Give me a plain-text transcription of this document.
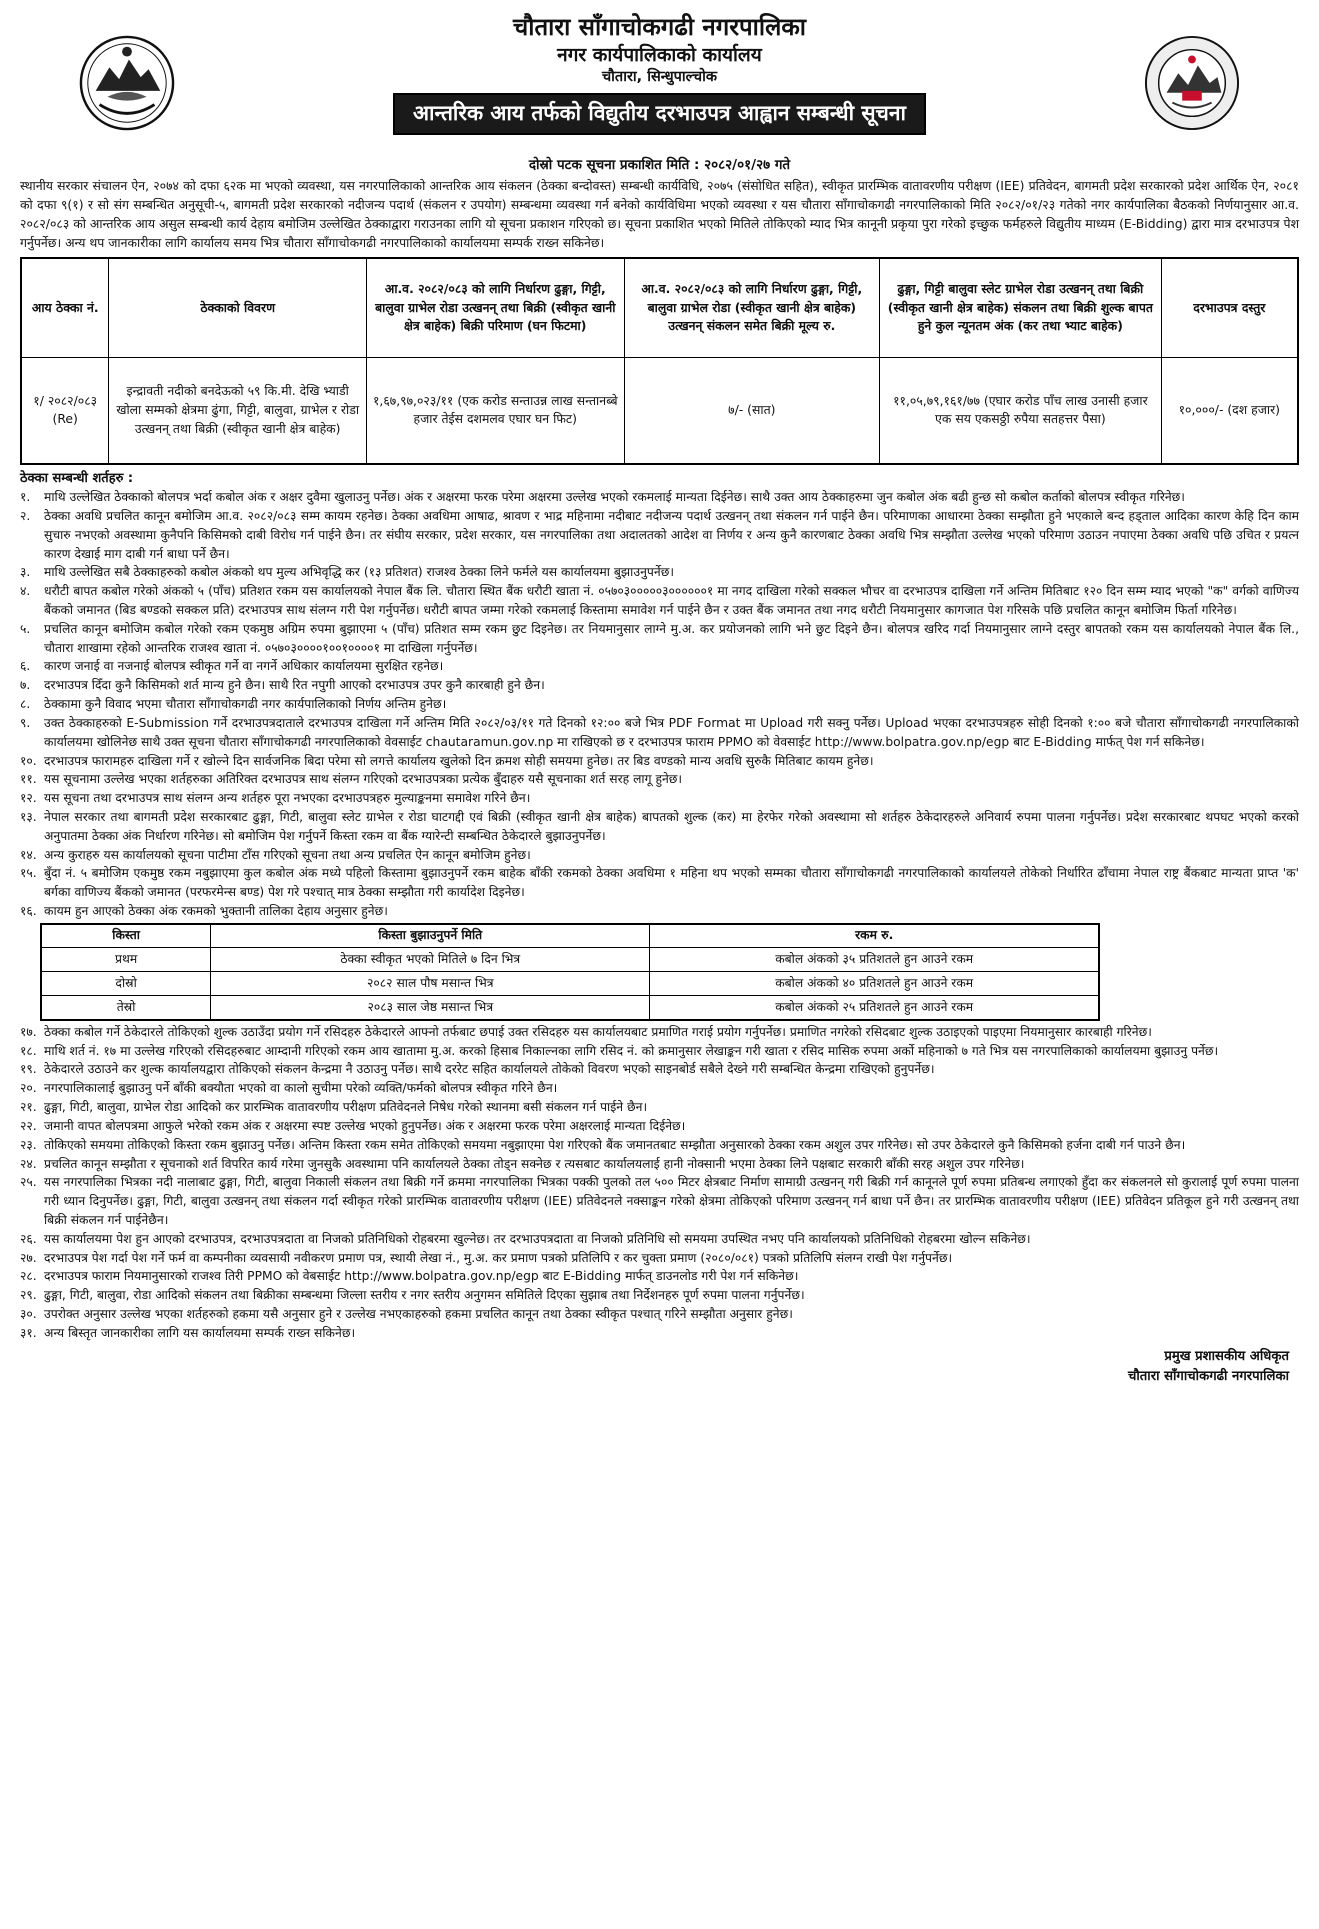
चौतारा साँगाचोकगढी नगरपालिका
नगर कार्यपालिकाको कार्यालय
चौतारा, सिन्धुपाल्चोक
आन्तरिक आय तर्फको विद्युतीय दरभाउपत्र आह्वान सम्बन्धी सूचना
दोस्रो पटक सूचना प्रकाशित मिति : २०८२/०१/२७ गते

स्थानीय सरकार संचालन ऐन, २०७४ को दफा ६२क मा भएको व्यवस्था, यस नगरपालिकाको आन्तरिक आय संकलन (ठेक्का बन्दोवस्त) सम्बन्धी कार्यविधि, २०७५ (संसोधित सहित), स्वीकृत प्रारम्भिक वातावरणीय परीक्षण (IEE) प्रतिवेदन, बागमती प्रदेश सरकारको प्रदेश आर्थिक ऐन, २०८१ को दफा ९(१) र सो संग सम्बन्धित अनुसूची-५, बागमती प्रदेश सरकारको नदीजन्य पदार्थ (संकलन र उपयोग) सम्बन्धमा व्यवस्था गर्न बनेको कार्यविधिमा भएको व्यवस्था र यस चौतारा साँगाचोकगढी नगरपालिकाको मिति २०८२/०१/२३ गतेको नगर कार्यपालिका बैठकको निर्णयानुसार आ.व. २०८२/०८३ को आन्तरिक आय असुल सम्बन्धी कार्य देहाय बमोजिम उल्लेखित ठेक्काद्वारा गराउनका लागि यो सूचना प्रकाशन गरिएको छ। सूचना प्रकाशित भएको मितिले तोकिएको म्याद भित्र कानूनी प्रकृया पुरा गरेको इच्छुक फर्महरुले विद्युतीय माध्यम (E-Bidding) द्वारा मात्र दरभाउपत्र पेश गर्नुपर्नेछ। अन्य थप जानकारीका लागि कार्यालय समय भित्र चौतारा साँगाचोकगढी नगरपालिकाको कार्यालयमा सम्पर्क राख्न सकिनेछ।

आय ठेक्का नं.	ठेक्काको विवरण	आ.व. २०८२/०८३ को लागि निर्धारण ढुङ्गा, गिट्टी, बालुवा ग्राभेल रोडा उत्खनन् तथा बिक्री (स्वीकृत खानी क्षेत्र बाहेक) बिक्री परिमाण (घन फिटमा)	आ.व. २०८२/०८३ को लागि निर्धारण ढुङ्गा, गिट्टी, बालुवा ग्राभेल रोडा (स्वीकृत खानी क्षेत्र बाहेक) उत्खनन् संकलन समेत बिक्री मूल्य रु.	ढुङ्गा, गिट्टी बालुवा स्लेट ग्राभेल रोडा उत्खनन् तथा बिक्री (स्वीकृत खानी क्षेत्र बाहेक) संकलन तथा बिक्री शुल्क बापत हुने कुल न्यूनतम अंक (कर तथा भ्याट बाहेक)	दरभाउपत्र दस्तुर
१/ २०८२/०८३ (Re)	इन्द्रावती नदीको बनदेऊको ५९ कि.मी. देखि भ्याडी खोला सम्मको क्षेत्रमा ढुंगा, गिट्टी, बालुवा, ग्राभेल र रोडा उत्खनन् तथा बिक्री (स्वीकृत खानी क्षेत्र बाहेक)	१,६७,९७,०२३/११ (एक करोड सन्ताउन्न लाख सन्तानब्बे हजार तेईस दशमलव एघार घन फिट)	७/- (सात)	११,०५,७९,१६१/७७ (एघार करोड पाँच लाख उनासी हजार एक सय एकसठ्ठी रुपैया सतहत्तर पैसा)	१०,०००/- (दश हजार)
ठेक्का सम्बन्धी शर्तहरु :
१.	माथि उल्लेखित ठेक्काको बोलपत्र भर्दा कबोल अंक र अक्षर दुवैमा खुलाउनु पर्नेछ। अंक र अक्षरमा फरक परेमा अक्षरमा उल्लेख भएको रकमलाई मान्यता दिईनेछ। साथै उक्त आय ठेक्काहरुमा जुन कबोल अंक बढी हुन्छ सो कबोल कर्ताको बोलपत्र स्वीकृत गरिनेछ।
२.	ठेक्का अवधि प्रचलित कानून बमोजिम आ.व. २०८२/०८३ सम्म कायम रहनेछ। ठेक्का अवधिमा आषाढ, श्रावण र भाद्र महिनामा नदीबाट नदीजन्य पदार्थ उत्खनन् तथा संकलन गर्न पाईने छैन। परिमाणका आधारमा ठेक्का सम्झौता हुने भएकाले बन्द हड्ताल आदिका कारण केहि दिन काम सुचारु नभएको अवस्थामा कुनैपनि किसिमको दाबी विरोध गर्न पाईने छैन। तर संघीय सरकार, प्रदेश सरकार, यस नगरपालिका तथा अदालतको आदेश वा निर्णय र अन्य कुनै कारणबाट ठेक्का अवधि भित्र सम्झौता उल्लेख भएको परिमाण उठाउन नपाएमा ठेक्का अवधि पछि उचित र प्रयत्न कारण देखाई माग दाबी गर्न बाधा पर्ने छैन।
३.	माथि उल्लेखित सबै ठेक्काहरुको कबोल अंकको थप मुल्य अभिवृद्धि कर (१३ प्रतिशत) राजश्व ठेक्का लिने फर्मले यस कार्यालयमा बुझाउनुपर्नेछ।
४.	धरौटी बापत कबोल गरेको अंकको ५ (पाँच) प्रतिशत रकम यस कार्यालयको नेपाल बैंक लि. चौतारा स्थित बैंक धरौटी खाता नं. ०५७०३०००००३००००००१ मा नगद दाखिला गरेको सक्कल भौचर वा दरभाउपत्र दाखिला गर्ने अन्तिम मितिबाट १२० दिन सम्म म्याद भएको "क" वर्गको वाणिज्य बैंकको जमानत (बिड बण्डको सक्कल प्रति) दरभाउपत्र साथ संलग्न गरी पेश गर्नुपर्नेछ। धरौटी बापत जम्मा गरेको रकमलाई किस्तामा समावेश गर्न पाईने छैन र उक्त बैंक जमानत तथा नगद धरौटी नियमानुसार कागजात पेश गरिसके पछि प्रचलित कानून बमोजिम फिर्ता गरिनेछ।
५.	प्रचलित कानून बमोजिम कबोल गरेको रकम एकमुष्ठ अग्रिम रुपमा बुझाएमा ५ (पाँच) प्रतिशत सम्म रकम छुट दिइनेछ। तर नियमानुसार लाग्ने मु.अ. कर प्रयोजनको लागि भने छुट दिइने छैन। बोलपत्र खरिद गर्दा नियमानुसार लाग्ने दस्तुर बापतको रकम यस कार्यालयको नेपाल बैंक लि., चौतारा शाखामा रहेको आन्तरिक राजश्व खाता नं. ०५७०३००००१००१००००१ मा दाखिला गर्नुपर्नेछ।
६.	कारण जनाई वा नजनाई बोलपत्र स्वीकृत गर्ने वा नगर्ने अधिकार कार्यालयमा सुरक्षित रहनेछ।
७.	दरभाउपत्र दिँदा कुनै किसिमको शर्त मान्य हुने छैन। साथै रित नपुगी आएको दरभाउपत्र उपर कुनै कारबाही हुने छैन।
८.	ठेक्कामा कुनै विवाद भएमा चौतारा साँगाचोकगढी नगर कार्यपालिकाको निर्णय अन्तिम हुनेछ।
९.	उक्त ठेक्काहरुको E-Submission गर्ने दरभाउपत्रदाताले दरभाउपत्र दाखिला गर्ने अन्तिम मिति २०८२/०३/११ गते दिनको १२:०० बजे भित्र PDF Format मा Upload गरी सक्नु पर्नेछ। Upload भएका दरभाउपत्रहरु सोही दिनको १:०० बजे चौतारा साँगाचोकगढी नगरपालिकाको कार्यालयमा खोलिनेछ साथै उक्त सूचना चौतारा साँगाचोकगढी नगरपालिकाको वेवसाईट chautaramun.gov.np मा राखिएको छ र दरभाउपत्र फाराम PPMO को वेवसाईट http://www.bolpatra.gov.np/egp बाट E-Bidding मार्फत् पेश गर्न सकिनेछ।
१०. दरभाउपत्र फारामहरु दाखिला गर्ने र खोल्ने दिन सार्वजनिक बिदा परेमा सो लगत्ते कार्यालय खुलेको दिन क्रमश सोही समयमा हुनेछ। तर बिड वण्डको मान्य अवधि सुरुकै मितिबाट कायम हुनेछ।
११. यस सूचनामा उल्लेख भएका शर्तहरुका अतिरिक्त दरभाउपत्र साथ संलग्न गरिएको दरभाउपत्रका प्रत्येक बुँदाहरु यसै सूचनाका शर्त सरह लागू हुनेछ।
१२. यस सूचना तथा दरभाउपत्र साथ संलग्न अन्य शर्तहरु पूरा नभएका दरभाउपत्रहरु मुल्याङ्कनमा समावेश गरिने छैन।
१३. नेपाल सरकार तथा बागमती प्रदेश सरकारबाट ढुङ्गा, गिटी, बालुवा स्लेट ग्राभेल र रोडा घाटगद्दी एवं बिक्री (स्वीकृत खानी क्षेत्र बाहेक) बापतको शुल्क (कर) मा हेरफेर गरेको अवस्थामा सो शर्तहरु ठेकेदारहरुले अनिवार्य रुपमा पालना गर्नुपर्नेछ। प्रदेश सरकारबाट थपघट भएको करको अनुपातमा ठेक्का अंक निर्धारण गरिनेछ। सो बमोजिम पेश गर्नुपर्ने किस्ता रकम वा बैंक ग्यारेन्टी सम्बन्धित ठेकेदारले बुझाउनुपर्नेछ।
१४. अन्य कुराहरु यस कार्यालयको सूचना पाटीमा टाँस गरिएको सूचना तथा अन्य प्रचलित ऐन कानून बमोजिम हुनेछ।
१५. बुँदा नं. ५ बमोजिम एकमुष्ठ रकम नबुझाएमा कुल कबोल अंक मध्ये पहिलो किस्तामा बुझाउनुपर्ने रकम बाहेक बाँकी रकमको ठेक्का अवधिमा १ महिना थप भएको सम्मका चौतारा साँगाचोकगढी नगरपालिकाको कार्यालयले तोकेको निर्धारित ढाँचामा नेपाल राष्ट्र बैंकबाट मान्यता प्राप्त 'क' बर्गका वाणिज्य बैंकको जमानत (परफरमेन्स बण्ड) पेश गरे पश्चात् मात्र ठेक्का सम्झौता गरी कार्यादेश दिइनेछ।
१६. कायम हुन आएको ठेक्का अंक रकमको भुक्तानी तालिका देहाय अनुसार हुनेछ।
किस्ता	किस्ता बुझाउनुपर्ने मिति	रकम रु.
प्रथम	ठेक्का स्वीकृत भएको मितिले ७ दिन भित्र	कबोल अंकको ३५ प्रतिशतले हुन आउने रकम
दोस्रो	२०८२ साल पौष मसान्त भित्र	कबोल अंकको ४० प्रतिशतले हुन आउने रकम
तेस्रो	२०८३ साल जेष्ठ मसान्त भित्र	कबोल अंकको २५ प्रतिशतले हुन आउने रकम
१७. ठेक्का कबोल गर्ने ठेकेदारले तोकिएको शुल्क उठाउँदा प्रयोग गर्ने रसिदहरु ठेकेदारले आफ्नो तर्फबाट छपाई उक्त रसिदहरु यस कार्यालयबाट प्रमाणित गराई प्रयोग गर्नुपर्नेछ। प्रमाणित नगरेको रसिदबाट शुल्क उठाइएको पाइएमा नियमानुसार कारबाही गरिनेछ।
१८. माथि शर्त नं. १७ मा उल्लेख गरिएको रसिदहरुबाट आम्दानी गरिएको रकम आय खातामा मु.अ. करको हिसाब निकाल्नका लागि रसिद नं. को क्रमानुसार लेखाङ्कन गरी खाता र रसिद मासिक रुपमा अर्को महिनाको ७ गते भित्र यस नगरपालिकाको कार्यालयमा बुझाउनु पर्नेछ।
१९. ठेकेदारले उठाउने कर शुल्क कार्यालयद्वारा तोकिएको संकलन केन्द्रमा नै उठाउनु पर्नेछ। साथै दररेट सहित कार्यालयले तोकेको विवरण भएको साइनबोर्ड सबैले देख्ने गरी सम्बन्धित केन्द्रमा राखिएको हुनुपर्नेछ।
२०. नगरपालिकालाई बुझाउनु पर्ने बाँकी बक्यौता भएको वा कालो सुचीमा परेको व्यक्ति/फर्मको बोलपत्र स्वीकृत गरिने छैन।
२१. ढुङ्गा, गिटी, बालुवा, ग्राभेल रोडा आदिको कर प्रारम्भिक वातावरणीय परीक्षण प्रतिवेदनले निषेध गरेको स्थानमा बसी संकलन गर्न पाईने छैन।
२२. जमानी वापत बोलपत्रमा आफुले भरेको रकम अंक र अक्षरमा स्पष्ट उल्लेख भएको हुनुपर्नेछ। अंक र अक्षरमा फरक परेमा अक्षरलाई मान्यता दिईनेछ।
२३. तोकिएको समयमा तोकिएको किस्ता रकम बुझाउनु पर्नेछ। अन्तिम किस्ता रकम समेत तोकिएको समयमा नबुझाएमा पेश गरिएको बैंक जमानतबाट सम्झौता अनुसारको ठेक्का रकम अशुल उपर गरिनेछ। सो उपर ठेकेदारले कुनै किसिमको हर्जना दाबी गर्न पाउने छैन।
२४. प्रचलित कानून सम्झौता र सूचनाको शर्त विपरित कार्य गरेमा जुनसुकै अवस्थामा पनि कार्यालयले ठेक्का तोड्न सक्नेछ र त्यसबाट कार्यालयलाई हानी नोक्सानी भएमा ठेक्का लिने पक्षबाट सरकारी बाँकी सरह अशुल उपर गरिनेछ।
२५. यस नगरपालिका भित्रका नदी नालाबाट ढुङ्गा, गिटी, बालुवा निकाली संकलन तथा बिक्री गर्ने क्रममा नगरपालिका भित्रका पक्की पुलको तल ५०० मिटर क्षेत्रबाट निर्माण सामाग्री उत्खनन् गरी बिक्री गर्न कानूनले पूर्ण रुपमा प्रतिबन्ध लगाएको हुँदा कर संकलनले सो कुरालाई पूर्ण रुपमा पालना गरी ध्यान दिनुपर्नेछ। ढुङ्गा, गिटी, बालुवा उत्खनन् तथा संकलन गर्दा स्वीकृत गरेको प्रारम्भिक वातावरणीय परीक्षण (IEE) प्रतिवेदनले नक्साङ्कन गरेको क्षेत्रमा तोकिएको परिमाण उत्खनन् गर्न बाधा पर्ने छैन। तर प्रारम्भिक वातावरणीय परीक्षण (IEE) प्रतिवेदन प्रतिकूल हुने गरी उत्खनन् तथा बिक्री संकलन गर्न पाईनेछैन।
२६. यस कार्यालयमा पेश हुन आएको दरभाउपत्र, दरभाउपत्रदाता वा निजको प्रतिनिधिको रोहबरमा खुल्नेछ। तर दरभाउपत्रदाता वा निजको प्रतिनिधि सो समयमा उपस्थित नभए पनि कार्यालयको प्रतिनिधिको रोहबरमा खोल्न सकिनेछ।
२७. दरभाउपत्र पेश गर्दा पेश गर्ने फर्म वा कम्पनीका व्यवसायी नवीकरण प्रमाण पत्र, स्थायी लेखा नं., मु.अ. कर प्रमाण पत्रको प्रतिलिपि र कर चुक्ता प्रमाण (२०८०/०८१) पत्रको प्रतिलिपि संलग्न राखी पेश गर्नुपर्नेछ।
२८. दरभाउपत्र फाराम नियमानुसारको राजश्व तिरी PPMO को वेबसाईट http://www.bolpatra.gov.np/egp बाट E-Bidding मार्फत् डाउनलोड गरी पेश गर्न सकिनेछ।
२९. ढुङ्गा, गिटी, बालुवा, रोडा आदिको संकलन तथा बिक्रीका सम्बन्धमा जिल्ला स्तरीय र नगर स्तरीय अनुगमन समितिले दिएका सुझाब तथा निर्देशनहरु पूर्ण रुपमा पालना गर्नुपर्नेछ।
३०. उपरोक्त अनुसार उल्लेख भएका शर्तहरुको हकमा यसै अनुसार हुने र उल्लेख नभएकाहरुको हकमा प्रचलित कानून तथा ठेक्का स्वीकृत पश्चात् गरिने सम्झौता अनुसार हुनेछ।
३१. अन्य बिस्तृत जानकारीका लागि यस कार्यालयमा सम्पर्क राख्न सकिनेछ।
प्रमुख प्रशासकीय अधिकृत
चौतारा साँगाचोकगढी नगरपालिका
